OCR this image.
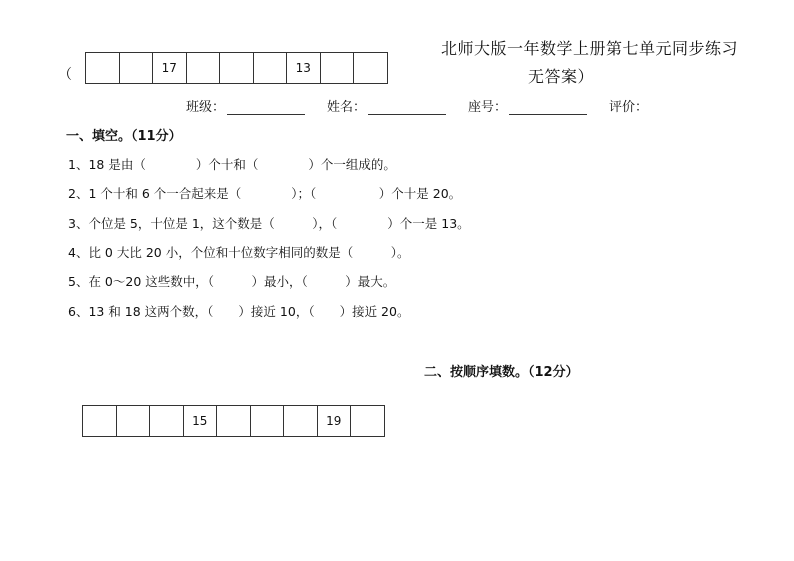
（	17	13
北师大版一年数学上册第七单元同步练习
无答案）
班级：	姓名：	座号：	评价：
一、填空。（11分）
1、18 是由（　　　　）个十和（　　　　）个一组成的。
2、1 个十和 6 个一合起来是（　　　　）；（　　　　　）个十是 20。
3、个位是 5，十位是 1，这个数是（　　　），（　　　　）个一是 13。
4、比 0 大比 20 小，个位和十位数字相同的数是（　　　）。
5、在 0～20 这些数中，（　　　）最小，（　　　）最大。
6、13 和 18 这两个数，（　　）接近 10，（　　）接近 20。
二、按顺序填数。（12分）
15	19
